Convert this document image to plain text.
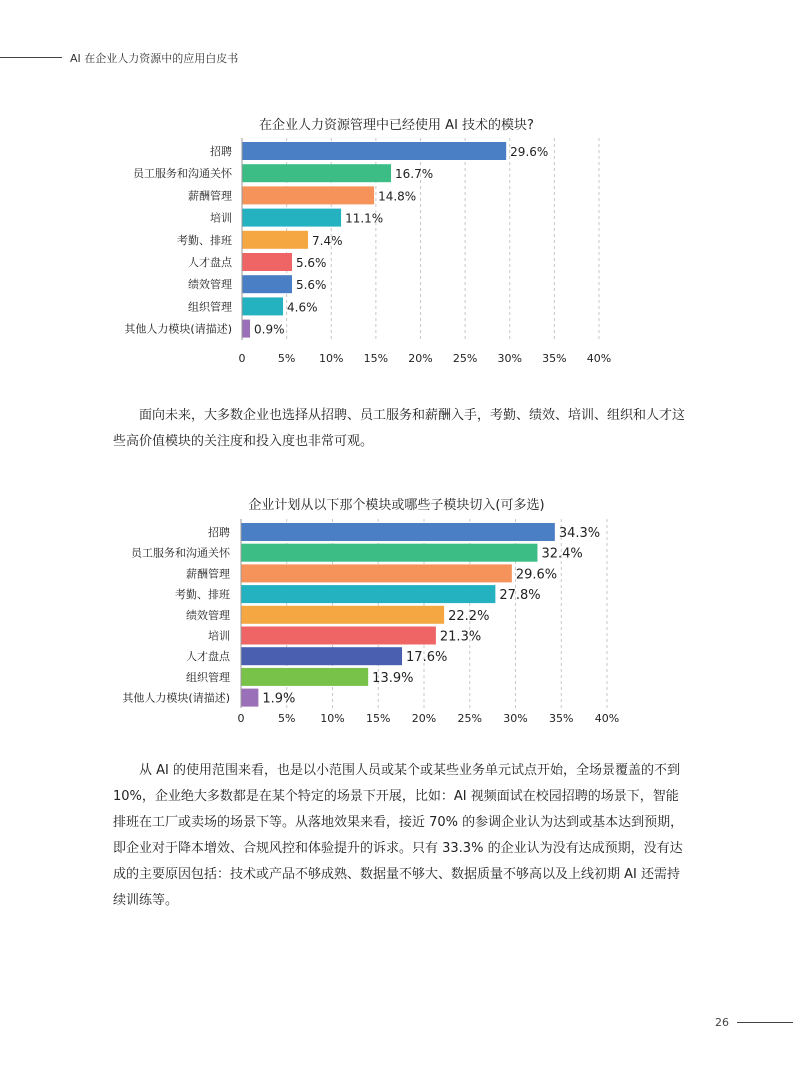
AI 在企业人力资源中的应用白皮书
在企业人力资源管理中已经使用 AI 技术的模块?
0	5% 10% 15% 20% 25% 30% 35% 40%
招聘	29.6%
员工服务和沟通关怀	16.7%
薪酬管理	14.8%
培训	11.1%
考勤、排班	7.4%
人才盘点	5.6%
绩效管理	5.6%
组织管理	4.6%
其他人力模块(请描述) 0.9%

面向未来，大多数企业也选择从招聘、员工服务和薪酬入手，考勤、绩效、培训、组织和人才这些高价值模块的关注度和投入度也非常可观。

企业计划从以下那个模块或哪些子模块切入(可多选)
0	5% 10% 15% 20% 25% 30% 35% 40%
招聘	34.3%
员工服务和沟通关怀	32.4%
薪酬管理	29.6%
考勤、排班	27.8%
绩效管理	22.2%
培训	21.3%
人才盘点	17.6%
组织管理	13.9%
其他人力模块(请描述) 1.9%

从 AI 的使用范围来看，也是以小范围人员或某个或某些业务单元试点开始，全场景覆盖的不到 10%，企业绝大多数都是在某个特定的场景下开展，比如：AI 视频面试在校园招聘的场景下，智能排班在工厂或卖场的场景下等。从落地效果来看，接近 70% 的参调企业认为达到或基本达到预期，即企业对于降本增效、合规风控和体验提升的诉求。只有 33.3% 的企业认为没有达成预期，没有达成的主要原因包括：技术或产品不够成熟、数据量不够大、数据质量不够高以及上线初期 AI 还需持续训练等。

26
